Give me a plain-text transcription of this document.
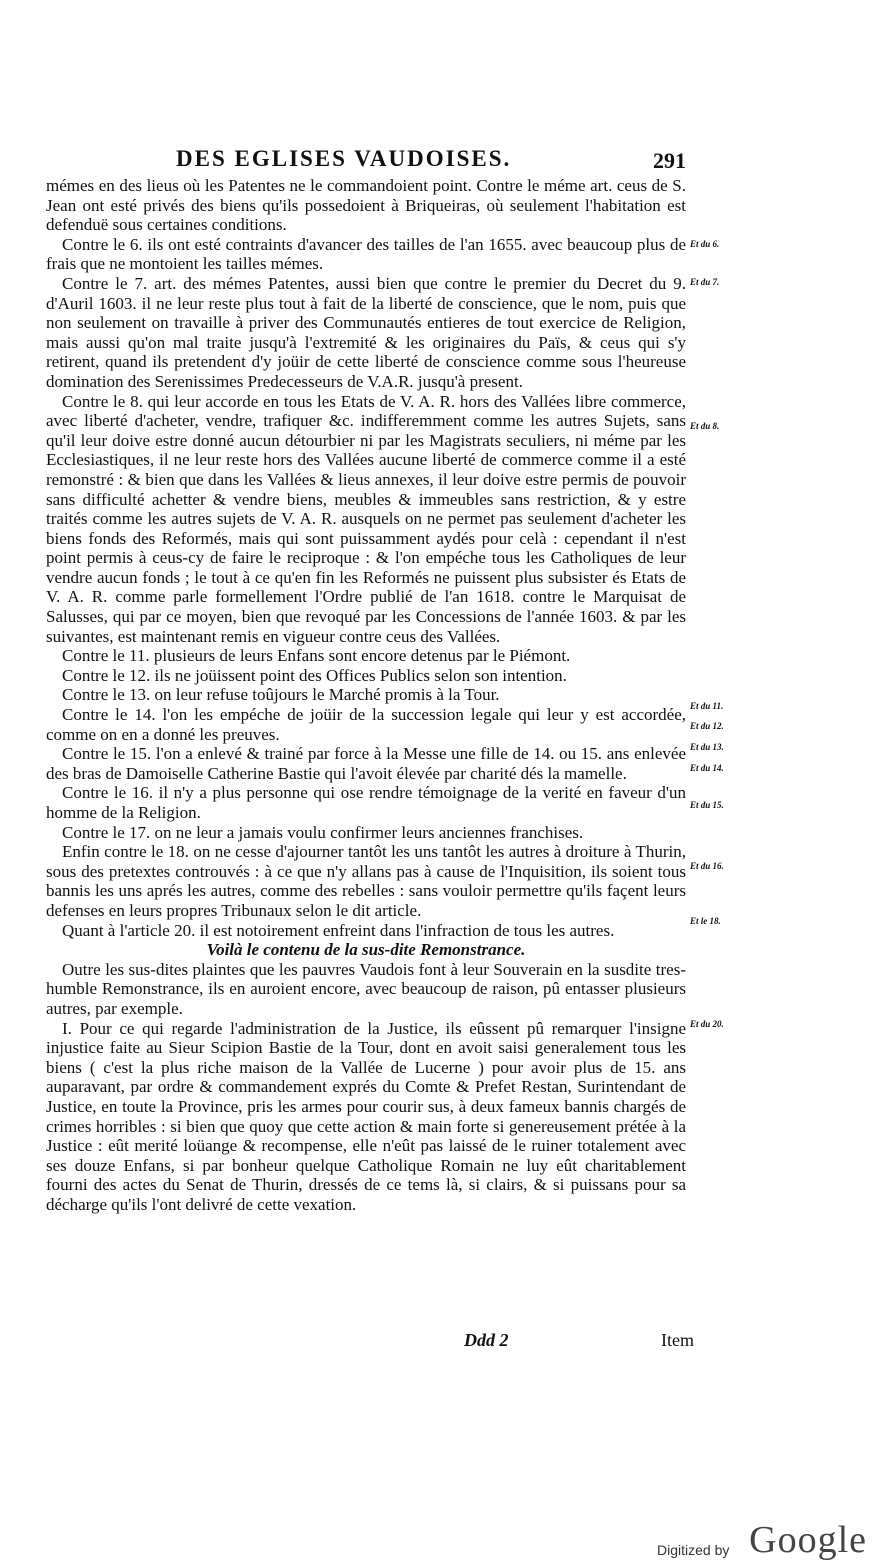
DES EGLISES VAUDOISES.	291

mémes en des lieus où les Patentes ne le commandoient point. Contre le méme art. ceus de S. Jean ont esté privés des biens qu'ils possedoient à Briqueiras, où seulement l'habitation est defenduë sous certaines conditions.

Contre le 6. ils ont esté contraints d'avancer des tailles de l'an 1655. avec beaucoup plus de frais que ne montoient les tailles mémes.

Contre le 7. art. des mémes Patentes, aussi bien que contre le premier du Decret du 9. d'Auril 1603. il ne leur reste plus tout à fait de la liberté de conscience, que le nom, puis que non seulement on travaille à priver des Communautés entieres de tout exercice de Religion, mais aussi qu'on mal traite jusqu'à l'extremité & les originaires du Païs, & ceus qui s'y retirent, quand ils pretendent d'y joüir de cette liberté de conscience comme sous l'heureuse domination des Serenissimes Predecesseurs de V.A.R. jusqu'à present.

Contre le 8. qui leur accorde en tous les Etats de V. A. R. hors des Vallées libre commerce, avec liberté d'acheter, vendre, trafiquer &c. indifferemment comme les autres Sujets, sans qu'il leur doive estre donné aucun détourbier ni par les Magistrats seculiers, ni méme par les Ecclesiastiques, il ne leur reste hors des Vallées aucune liberté de commerce comme il a esté remonstré : & bien que dans les Vallées & lieus annexes, il leur doive estre permis de pouvoir sans difficulté achetter & vendre biens, meubles & immeubles sans restriction, & y estre traités comme les autres sujets de V. A. R. ausquels on ne permet pas seulement d'acheter les biens fonds des Reformés, mais qui sont puissamment aydés pour celà : cependant il n'est point permis à ceus-cy de faire le reciproque : & l'on empéche tous les Catholiques de leur vendre aucun fonds ; le tout à ce qu'en fin les Reformés ne puissent plus subsister és Etats de V. A. R. comme parle formellement l'Ordre publié de l'an 1618. contre le Marquisat de Salusses, qui par ce moyen, bien que revoqué par les Concessions de l'année 1603. & par les suivantes, est maintenant remis en vigueur contre ceus des Vallées.

Contre le 11. plusieurs de leurs Enfans sont encore detenus par le Piémont.

Contre le 12. ils ne joüissent point des Offices Publics selon son intention.

Contre le 13. on leur refuse toûjours le Marché promis à la Tour.

Contre le 14. l'on les empéche de joüir de la succession legale qui leur y est accordée, comme on en a donné les preuves.

Contre le 15. l'on a enlevé & trainé par force à la Messe une fille de 14. ou 15. ans enlevée des bras de Damoiselle Catherine Bastie qui l'avoit élevée par charité dés la mamelle.

Contre le 16. il n'y a plus personne qui ose rendre témoignage de la verité en faveur d'un homme de la Religion.

Contre le 17. on ne leur a jamais voulu confirmer leurs anciennes franchises.

Enfin contre le 18. on ne cesse d'ajourner tantôt les uns tantôt les autres à droiture à Thurin, sous des pretextes controuvés : à ce que n'y allans pas à cause de l'Inquisition, ils soient tous bannis les uns aprés les autres, comme des rebelles : sans vouloir permettre qu'ils façent leurs defenses en leurs propres Tribunaux selon le dit article.

Quant à l'article 20. il est notoirement enfreint dans l'infraction de tous les autres.

Voilà le contenu de la sus-dite Remonstrance.

Outre les sus-dites plaintes que les pauvres Vaudois font à leur Souverain en la susdite tres-humble Remonstrance, ils en auroient encore, avec beaucoup de raison, pû entasser plusieurs autres, par exemple.

I. Pour ce qui regarde l'administration de la Justice, ils eûssent pû remarquer l'insigne injustice faite au Sieur Scipion Bastie de la Tour, dont en avoit saisi generalement tous les biens ( c'est la plus riche maison de la Vallée de Lucerne ) pour avoir plus de 15. ans auparavant, par ordre & commandement exprés du Comte & Prefet Restan, Surintendant de Justice, en toute la Province, pris les armes pour courir sus, à deux fameux bannis chargés de crimes horribles : si bien que quoy que cette action & main forte si genereusement prétée à la Justice : eût merité loüange & recompense, elle n'eût pas laissé de le ruiner totalement avec ses douze Enfans, si par bonheur quelque Catholique Romain ne luy eût charitablement fourni des actes du Senat de Thurin, dressés de ce tems là, si clairs, & si puissans pour sa décharge qu'ils l'ont delivré de cette vexation.

Et du 6.
Et du 7.
Et du 8.
Et du 11.
Et du 12.
Et du 13.
Et du 14.
Et du 15.
Et du 16.
Et le 18.
Et du 20.
Ddd 2	Item
Digitized by Google
